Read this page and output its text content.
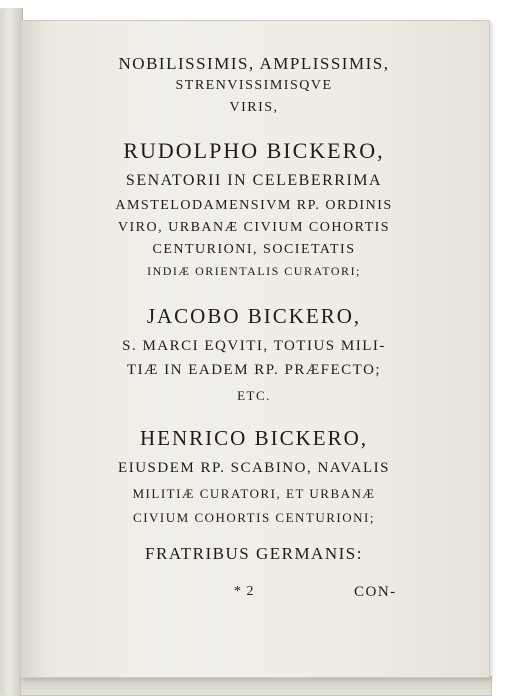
NOBILISSIMIS, AMPLISSIMIS,
STRENVISSIMISQVE
VIRIS,
RUDOLPHO BICKERO,
SENATORII IN CELEBERRIMA
AMSTELODAMENSIVM RP. ORDINIS
VIRO, URBANÆ CIVIUM COHORTIS
CENTURIONI, SOCIETATIS
INDIÆ ORIENTALIS CURATORI;
JACOBO BICKERO,
S. MARCI EQVITI, TOTIUS MILI-
TIÆ IN EADEM RP. PRÆFECTO;
ETC.
HENRICO BICKERO,
EIUSDEM RP. SCABINO, NAVALIS
MILITIÆ CURATORI, ET URBANÆ
CIVIUM COHORTIS CENTURIONI;
FRATRIBUS GERMANIS:
* 2	CON-
